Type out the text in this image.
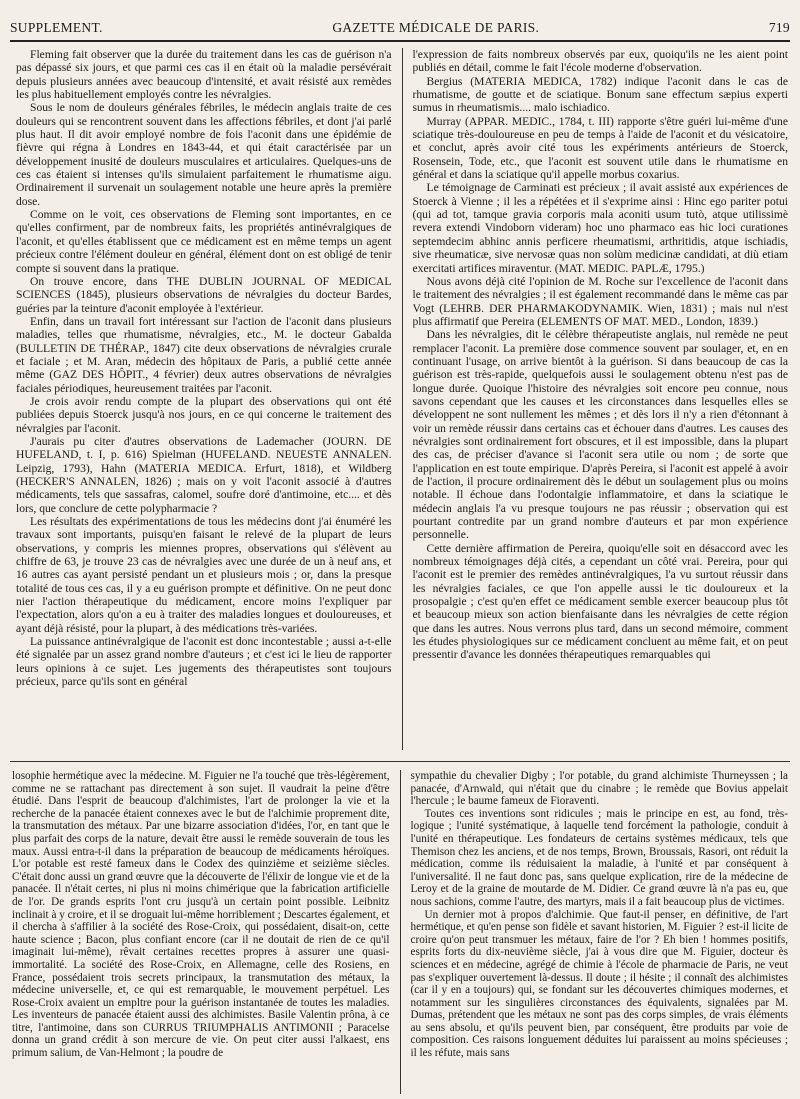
SUPPLEMENT.	GAZETTE MÉDICALE DE PARIS.	719

Fleming fait observer que la durée du traitement dans les cas de guérison n'a pas dépassé six jours, et que parmi ces cas il en était où la maladie persévérait depuis plusieurs années avec beaucoup d'intensité, et avait résisté aux remèdes les plus habituellement employés contre les névralgies.

Sous le nom de douleurs générales fébriles, le médecin anglais traite de ces douleurs qui se rencontrent souvent dans les affections fébriles, et dont j'ai parlé plus haut. Il dit avoir employé nombre de fois l'aconit dans une épidémie de fièvre qui régna à Londres en 1843-44, et qui était caractérisée par un développement inusité de douleurs musculaires et articulaires. Quelques-uns de ces cas étaient si intenses qu'ils simulaient parfaitement le rhumatisme aigu. Ordinairement il survenait un soulagement notable une heure après la première dose.

Comme on le voit, ces observations de Fleming sont importantes, en ce qu'elles confirment, par de nombreux faits, les propriétés antinévralgiques de l'aconit, et qu'elles établissent que ce médicament est en même temps un agent précieux contre l'élément douleur en général, élément dont on est obligé de tenir compte si souvent dans la pratique.

On trouve encore, dans THE DUBLIN JOURNAL OF MEDICAL SCIENCES (1845), plusieurs observations de névralgies du docteur Bardes, guéries par la teinture d'aconit employée à l'extérieur.

Enfin, dans un travail fort intéressant sur l'action de l'aconit dans plusieurs maladies, telles que rhumatisme, névralgies, etc., M. le docteur Gabalda (BULLETIN DE THÉRAP., 1847) cite deux observations de névralgies crurale et faciale ; et M. Aran, médecin des hôpitaux de Paris, a publié cette année même (GAZ DES HÔPIT., 4 février) deux autres observations de névralgies faciales périodiques, heureusement traitées par l'aconit.

Je crois avoir rendu compte de la plupart des observations qui ont été publiées depuis Stoerck jusqu'à nos jours, en ce qui concerne le traitement des névralgies par l'aconit.

J'aurais pu citer d'autres observations de Lademacher (JOURN. DE HUFELAND, t. I, p. 616) Spielman (HUFELAND. NEUESTE ANNALEN. Leipzig, 1793), Hahn (MATERIA MEDICA. Erfurt, 1818), et Wildberg (HECKER'S ANNALEN, 1826) ; mais on y voit l'aconit associé à d'autres médicaments, tels que sassafras, calomel, soufre doré d'antimoine, etc.... et dès lors, que conclure de cette polypharmacie ?

Les résultats des expérimentations de tous les médecins dont j'ai énuméré les travaux sont importants, puisqu'en faisant le relevé de la plupart de leurs observations, y compris les miennes propres, observations qui s'élèvent au chiffre de 63, je trouve 23 cas de névralgies avec une durée de un à neuf ans, et 16 autres cas ayant persisté pendant un et plusieurs mois ; or, dans la presque totalité de tous ces cas, il y a eu guérison prompte et définitive. On ne peut donc nier l'action thérapeutique du médicament, encore moins l'expliquer par l'expectation, alors qu'on a eu à traiter des maladies longues et douloureuses, et ayant déjà résisté, pour la plupart, à des médications très-variées.

La puissance antinévralgique de l'aconit est donc incontestable ; aussi a-t-elle été signalée par un assez grand nombre d'auteurs ; et c'est ici le lieu de rapporter leurs opinions à ce sujet. Les jugements des thérapeutistes sont toujours précieux, parce qu'ils sont en général

l'expression de faits nombreux observés par eux, quoiqu'ils ne les aient point publiés en détail, comme le fait l'école moderne d'observation.

Bergius (MATERIA MEDICA, 1782) indique l'aconit dans le cas de rhumatisme, de goutte et de sciatique. Bonum sane effectum sæpius experti sumus in rheumatismis.... malo ischiadico.

Murray (APPAR. MEDIC., 1784, t. III) rapporte s'être guéri lui-même d'une sciatique très-douloureuse en peu de temps à l'aide de l'aconit et du vésicatoire, et conclut, après avoir cité tous les expériments antérieurs de Stoerck, Rosensein, Tode, etc., que l'aconit est souvent utile dans le rhumatisme en général et dans la sciatique qu'il appelle morbus coxarius.

Le témoignage de Carminati est précieux ; il avait assisté aux expériences de Stoerck à Vienne ; il les a répétées et il s'exprime ainsi : Hinc ego pariter potui (qui ad tot, tamque gravia corporis mala aconiti usum tutò, atque utilissimè revera extendi Vindoborn videram) hoc uno pharmaco eas hic loci curationes septemdecim abhinc annis perficere rheumatismi, arthritidis, atque ischiadis, sive rheumaticæ, sive nervosæ quas non solùm medicinæ candidati, at diù etiam exercitati artifices miraventur. (MAT. MEDIC. PAPLÆ, 1795.)

Nous avons déjà cité l'opinion de M. Roche sur l'excellence de l'aconit dans le traitement des névralgies ; il est également recommandé dans le même cas par Vogt (LEHRB. DER PHARMAKODYNAMIK. Wien, 1831) ; mais nul n'est plus affirmatif que Pereira (ELEMENTS OF MAT. MED., London, 1839.)

Dans les névralgies, dit le célèbre thérapeutiste anglais, nul remède ne peut remplacer l'aconit. La première dose commence souvent par soulager, et, en en continuant l'usage, on arrive bientôt à la guérison. Si dans beaucoup de cas la guérison est très-rapide, quelquefois aussi le soulagement obtenu n'est pas de longue durée. Quoique l'histoire des névralgies soit encore peu connue, nous savons cependant que les causes et les circonstances dans lesquelles elles se développent ne sont nullement les mêmes ; et dès lors il n'y a rien d'étonnant à voir un remède réussir dans certains cas et échouer dans d'autres. Les causes des névralgies sont ordinairement fort obscures, et il est impossible, dans la plupart des cas, de préciser d'avance si l'aconit sera utile ou nom ; de sorte que l'application en est toute empirique. D'après Pereira, si l'aconit est appelé à avoir de l'action, il procure ordinairement dès le début un soulagement plus ou moins notable. Il échoue dans l'odontalgie inflammatoire, et dans la sciatique le médecin anglais l'a vu presque toujours ne pas réussir ; observation qui est pourtant contredite par un grand nombre d'auteurs et par mon expérience personnelle.

Cette dernière affirmation de Pereira, quoiqu'elle soit en désaccord avec les nombreux témoignages déjà cités, a cependant un côté vrai. Pereira, pour qui l'aconit est le premier des remèdes antinévralgiques, l'a vu surtout réussir dans les névralgies faciales, ce que l'on appelle aussi le tic douloureux et la prosopalgie ; c'est qu'en effet ce médicament semble exercer beaucoup plus tôt et beaucoup mieux son action bienfaisante dans les névralgies de cette région que dans les autres. Nous verrons plus tard, dans un second mémoire, comment les études physiologiques sur ce médicament concluent au même fait, et on peut pressentir d'avance les données thérapeutiques remarquables qui

losophie hermétique avec la médecine. M. Figuier ne l'a touché que très-légèrement, comme ne se rattachant pas directement à son sujet. Il vaudrait la peine d'être étudié. Dans l'esprit de beaucoup d'alchimistes, l'art de prolonger la vie et la recherche de la panacée étaient connexes avec le but de l'alchimie proprement dite, la transmutation des métaux. Par une bizarre association d'idées, l'or, en tant que le plus parfait des corps de la nature, devait être aussi le remède souverain de tous les maux. Aussi entra-t-il dans la préparation de beaucoup de médicaments héroïques. L'or potable est resté fameux dans le Codex des quinzième et seizième siècles. C'était donc aussi un grand œuvre que la découverte de l'élixir de longue vie et de la panacée. Il n'était certes, ni plus ni moins chimérique que la fabrication artificielle de l'or. De grands esprits l'ont cru jusqu'à un certain point possible. Leibnitz inclinait à y croire, et il se droguait lui-même horriblement ; Descartes également, et il chercha à s'affilier à la société des Rose-Croix, qui possédaient, disait-on, cette haute science ; Bacon, plus confiant encore (car il ne doutait de rien de ce qu'il imaginait lui-même), rêvait certaines recettes propres à assurer une quasi-immortalité. La société des Rose-Croix, en Allemagne, celle des Rosiens, en France, possédaient trois secrets principaux, la transmutation des métaux, la médecine universelle, et, ce qui est remarquable, le mouvement perpétuel. Les Rose-Croix avaient un empltre pour la guérison instantanée de toutes les maladies. Les inventeurs de panacée étaient aussi des alchimistes. Basile Valentin prôna, à ce titre, l'antimoine, dans son CURRUS TRIUMPHALIS ANTIMONII ; Paracelse donna un grand crédit à son mercure de vie. On peut citer aussi l'alkaest, ens primum salium, de Van-Helmont ; la poudre de

sympathie du chevalier Digby ; l'or potable, du grand alchimiste Thurneyssen ; la panacée, d'Arnwald, qui n'était que du cinabre ; le remède que Bovius appelait l'hercule ; le baume fameux de Fioraventi.

Toutes ces inventions sont ridicules ; mais le principe en est, au fond, très-logique ; l'unité systématique, à laquelle tend forcément la pathologie, conduit à l'unité en thérapeutique. Les fondateurs de certains systèmes médicaux, tels que Themison chez les anciens, et de nos temps, Brown, Broussais, Rasori, ont réduit la médication, comme ils réduisaient la maladie, à l'unité et par conséquent à l'universalité. Il ne faut donc pas, sans quelque explication, rire de la médecine de Leroy et de la graine de moutarde de M. Didier. Ce grand œuvre là n'a pas eu, que nous sachions, comme l'autre, des martyrs, mais il a fait beaucoup plus de victimes.

Un dernier mot à propos d'alchimie. Que faut-il penser, en définitive, de l'art hermétique, et qu'en pense son fidèle et savant historien, M. Figuier ? est-il licite de croire qu'on peut transmuer les métaux, faire de l'or ? Eh bien ! hommes positifs, esprits forts du dix-neuvième siècle, j'ai à vous dire que M. Figuier, docteur ès sciences et en médecine, agrégé de chimie à l'école de pharmacie de Paris, ne veut pas s'expliquer ouvertement là-dessus. Il doute ; il hésite ; il connaît des alchimistes (car il y en a toujours) qui, se fondant sur les découvertes chimiques modernes, et notamment sur les singulières circonstances des équivalents, signalées par M. Dumas, prétendent que les métaux ne sont pas des corps simples, de vrais éléments au sens absolu, et qu'ils peuvent bien, par conséquent, être produits par voie de composition. Ces raisons longuement déduites lui paraissent au moins spécieuses ; il les réfute, mais sans
